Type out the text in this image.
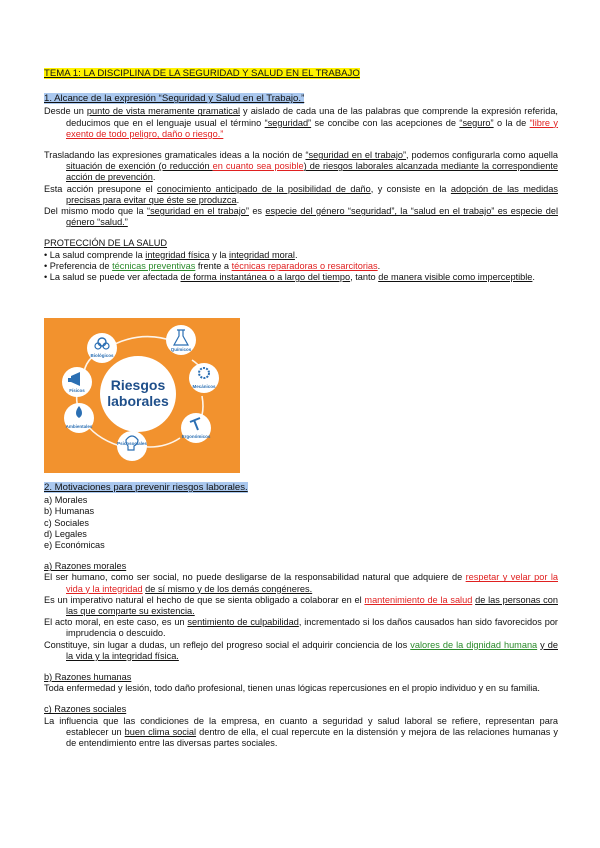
TEMA 1: LA DISCIPLINA DE LA SEGURIDAD Y SALUD EN EL TRABAJO
1. Alcance de la expresión “Seguridad y Salud en el Trabajo.”

Desde un punto de vista meramente gramatical y aislado de cada una de las palabras que comprende la expresión referida, deducimos que en el lenguaje usual el término “seguridad” se concibe con las acepciones de “seguro” o la de “libre y exento de todo peligro, daño o riesgo.”

Trasladando las expresiones gramaticales ideas a la noción de “seguridad en el trabajo”, podemos configurarla como aquella situación de exención (o reducción en cuanto sea posible) de riesgos laborales alcanzada mediante la correspondiente acción de prevención.

Esta acción presupone el conocimiento anticipado de la posibilidad de daño, y consiste en la adopción de las medidas precisas para evitar que éste se produzca.

Del mismo modo que la “seguridad en el trabajo” es especie del género “seguridad”, la “salud en el trabajo” es especie del género “salud.”

PROTECCIÓN DE LA SALUD

• La salud comprende la integridad física y la integridad moral.

• Preferencia de técnicas preventivas frente a técnicas reparadoras o resarcitorias.

• La salud se puede ver afectada de forma instantánea o a largo del tiempo, tanto de manera visible como imperceptible.

Riesgos
laborales
Químicos
Biológicos
Físicos
Mecánicos
Ambientales
Ergonómicos
Psicosociales
2. Motivaciones para prevenir riesgos laborales.
a) Morales
b) Humanas
c) Sociales
d) Legales
e) Económicas
a) Razones morales

El ser humano, como ser social, no puede desligarse de la responsabilidad natural que adquiere de respetar y velar por la vida y la integridad de sí mismo y de los demás congéneres.

Es un imperativo natural el hecho de que se sienta obligado a colaborar en el mantenimiento de la salud de las personas con las que comparte su existencia.

El acto moral, en este caso, es un sentimiento de culpabilidad, incrementado si los daños causados han sido favorecidos por imprudencia o descuido.

Constituye, sin lugar a dudas, un reflejo del progreso social el adquirir conciencia de los valores de la dignidad humana y de la vida y la integridad física.

b) Razones humanas

Toda enfermedad y lesión, todo daño profesional, tienen unas lógicas repercusiones en el propio individuo y en su familia.

c) Razones sociales

La influencia que las condiciones de la empresa, en cuanto a seguridad y salud laboral se refiere, representan para establecer un buen clima social dentro de ella, el cual repercute en la distensión y mejora de las relaciones humanas y de entendimiento entre las diversas partes sociales.
